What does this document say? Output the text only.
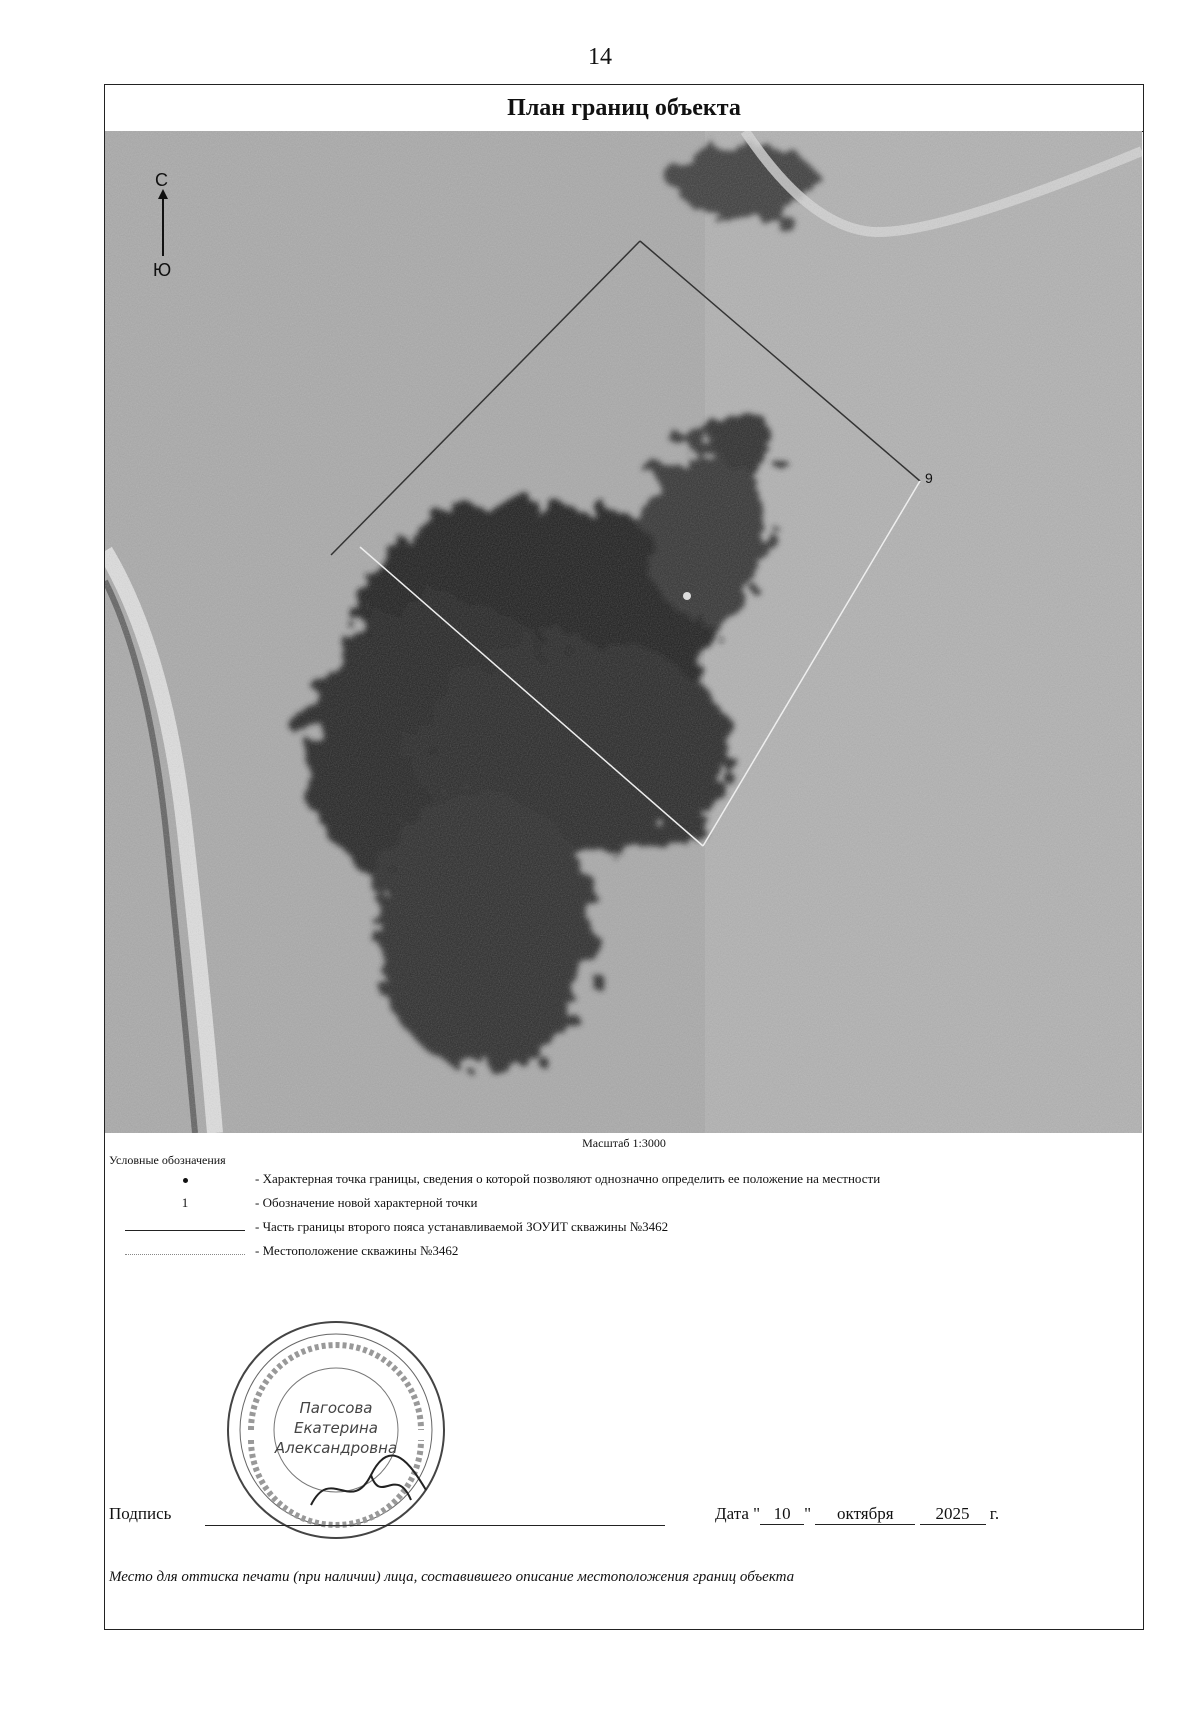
14
План границ объекта
9
С
Ю
Масштаб 1:3000
Условные обозначения
- Характерная точка границы, сведения о которой позволяют однозначно определить ее положение на местности
1	- Обозначение новой характерной точки
- Часть границы второго пояса устанавливаемой ЗОУИТ скважины №3462
- Местоположение скважины №3462
Пагосова
Екатерина
Александровна
Подпись	Дата " 10 " октября 2025 г.
Место для оттиска печати (при наличии) лица, составившего описание местоположения границ объекта
